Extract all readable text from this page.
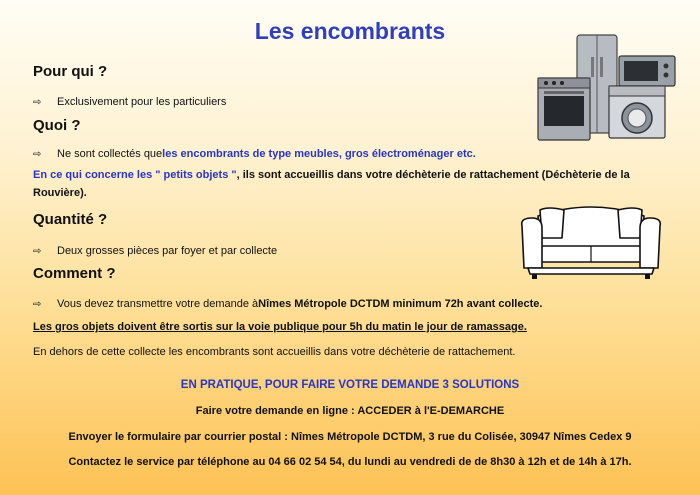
Les encombrants
Pour qui ?
⇨	Exclusivement pour les particuliers
Quoi ?
⇨	Ne sont collectés que les encombrants de type meubles, gros électroménager etc.
En ce qui concerne les " petits objets ", ils sont accueillis dans votre déchèterie de rattachement (Déchèterie de la
Rouvière).
Quantité ?
⇨	Deux grosses pièces par foyer et par collecte
Comment ?
⇨	Vous devez transmettre votre demande à Nîmes Métropole DCTDM minimum 72h avant collecte.
Les gros objets doivent être sortis sur la voie publique pour 5h du matin le jour de ramassage.
En dehors de cette collecte les encombrants sont accueillis dans votre déchèterie de rattachement.
EN PRATIQUE, POUR FAIRE VOTRE DEMANDE 3 SOLUTIONS
Faire votre demande en ligne : ACCEDER à l'E-DEMARCHE
Envoyer le formulaire par courrier postal : Nîmes Métropole DCTDM, 3 rue du Colisée, 30947 Nîmes Cedex 9
Contactez le service par téléphone au 04 66 02 54 54, du lundi au vendredi de de 8h30 à 12h et de 14h à 17h.
